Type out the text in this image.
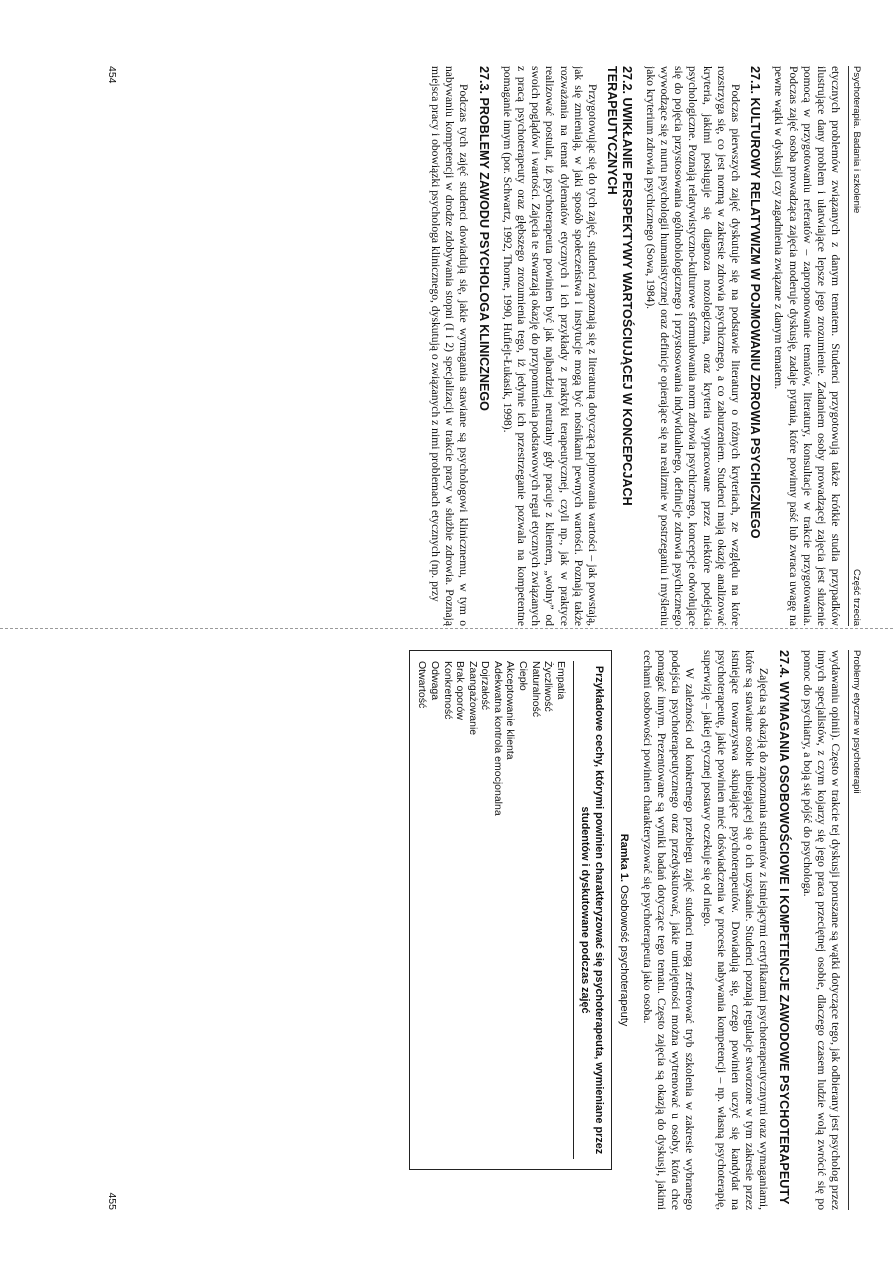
Psychoterapia. Badania i szkolenie
Część trzecia

etycznych problemów związanych z danym tematem. Studenci przygotowują także krótkie studia przypadków ilustrujące dany problem i ułatwiające lepsze jego zrozumienie. Zadaniem osoby prowadzącej zajęcia jest służenie pomocą w przygotowaniu referatów – zaproponowanie tematów, literatury, konsultacje w trakcie przygotowania. Podczas zajęć osoba prowadząca zajęcia moderuje dyskusję, zadaje pytania, które powinny paść lub zwraca uwagę na pewne wątki w dyskusji czy zagadnienia związane z danym tematem.

27.1. KULTUROWY RELATYWIZM W POJMOWANIU ZDROWIA PSYCHICZNEGO

Podczas pierwszych zajęć dyskutuje się na podstawie literatury o różnych kryteriach, ze względu na które rozstrzyga się, co jest normą w zakresie zdrowia psychicznego, a co zaburzeniem. Studenci mają okazję analizować kryteria, jakimi posługuje się diagnoza nozologiczna, oraz kryteria wypracowane przez niektóre podejścia psychologiczne. Poznają relatywistyczno-kulturowe sformułowania norm zdrowia psychicznego, koncepcje odwołujące się do pojęcia przystosowania ogólnobiologicznego i przystosowania indywidualnego, definicje zdrowia psychicznego wywodzące się z nurtu psychologii humanistycznej oraz definicje opierające się na realizmie w postrzeganiu i myśleniu jako kryterium zdrowia psychicznego (Sowa, 1984).

27.2. UWIKŁANIE PERSPEKTYWY WARTOŚCIUJĄCEJ W KONCEPCJACH TERAPEUTYCZNYCH

Przygotowując się do tych zajęć, studenci zapoznają się z literaturą dotyczącą pojmowania wartości – jak powstają, jak się zmieniają, w jaki sposób społeczeństwa i instytucje mogą być nośnikami pewnych wartości. Poznają także rozważania na temat dylematów etycznych i ich przykłady z praktyki terapeutycznej, czyli np., jak w praktyce realizować postulat, iż psychoterapeuta powinien być jak najbardziej neutralny gdy pracuje z klientem, „wolny” od swoich poglądów i wartości. Zajęcia te stwarzają okazję do przypomnienia podstawowych reguł etycznych związanych z pracą psychoterapeuty oraz głębszego zrozumienia tego, iż jedynie ich przestrzeganie pozwala na kompetentne pomaganie innym (por. Schwartz, 1992, Thorne, 1990, Hufiejt-Łukasik, 1998).

27.3. PROBLEMY ZAWODU PSYCHOLOGA KLINICZNEGO

Podczas tych zajęć studenci dowiadują się, jakie wymagania stawiane są psychologowi klinicznemu, w tym o nabywaniu kompetencji w drodze zdobywania stopni (I i 2) specjalizacji w trakcie pracy w służbie zdrowia. Poznają miejsca pracy i obowiązki psychologa klinicznego, dyskutują o związanych z nimi problemach etycznych (np. przy

454
Problemy etyczne w psychoterapii

wydawaniu opinii). Często w trakcie tej dyskusji poruszane są wątki dotyczące tego, jak odbierany jest psycholog przez innych specjalistów, z czym kojarzy się jego praca przeciętnej osobie, dlaczego czasem ludzie wolą zwrócić się po pomoc do psychiatry, a boją się pójść do psychologa.

27.4. WYMAGANIA OSOBOWOŚCIOWE I KOMPETENCJE ZAWODOWE PSYCHOTERAPEUTY

Zajęcia są okazją do zapoznania studentów z istniejącymi certyfikatami psychoterapeutycznymi oraz wymaganiami, które są stawiane osobie ubiegającej się o ich uzyskanie. Studenci poznają regulacje stworzone w tym zakresie przez istniejące towarzystwa skupiające psychoterapeutów. Dowiadują się, czego powinien uczyć się kandydat na psychoterapeutę, jakie powinien mieć doświadczenia w procesie nabywania kompetencji – np. własną psychoterapię, superwizję – jakiej etycznej postawy oczekuje się od niego.

W zależności od konkretnego przebiegu zajęć studenci mogą zreferować tryb szkolenia w zakresie wybranego podejścia psychoterapeutycznego oraz przedyskutować, jakie umiejętności można wytrenować u osoby, która chce pomagać innym. Prezentowane są wyniki badań dotyczące tego tematu. Często zajęcia są okazją do dyskusji, jakimi cechami osobowości powinien charakteryzować się psychoterapeuta jako osoba.

Ramka 1. Osobowość psychoterapeuty
Przykładowe cechy, którymi powinien charakteryzować się psychoterapeuta, wymieniane przez studentów i dyskutowane podczas zajęć
Empatia
Życzliwość
Naturalność
Ciepło
Akceptowanie klienta
Adekwatna kontrola emocjonalna
Dojrzałość
Zaangażowanie
Brak oporów
Konkretność
Odwaga
Otwartość
455
